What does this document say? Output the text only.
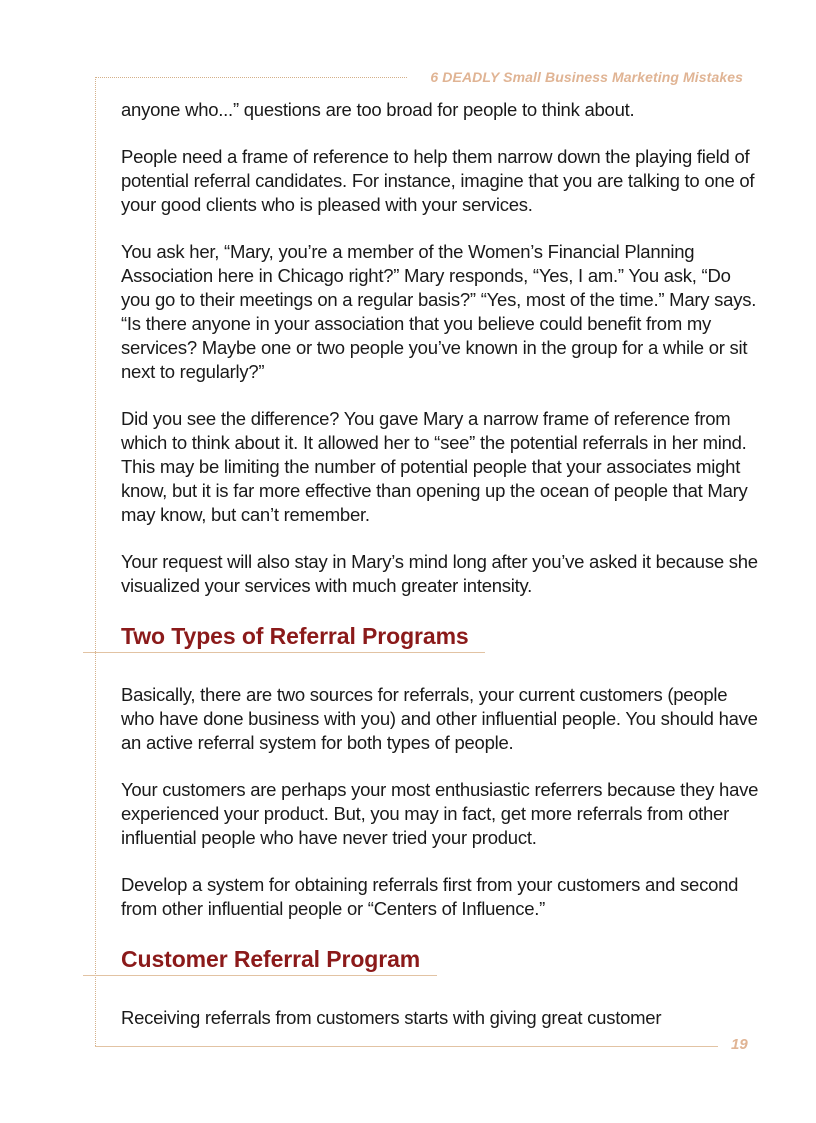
6 DEADLY Small Business Marketing Mistakes

anyone who...” questions are too broad for people to think about.

People need a frame of reference to help them narrow down the playing field of potential referral candidates. For instance, imagine that you are talking to one of your good clients who is pleased with your services.

You ask her, “Mary, you’re a member of the Women’s Financial Planning Association here in Chicago right?” Mary responds, “Yes, I am.” You ask, “Do you go to their meetings on a regular basis?” “Yes, most of the time.” Mary says. “Is there anyone in your association that you believe could benefit from my services? Maybe one or two people you’ve known in the group for a while or sit next to regularly?”

Did you see the difference? You gave Mary a narrow frame of reference from which to think about it. It allowed her to “see” the potential referrals in her mind. This may be limiting the number of potential people that your associates might know, but it is far more effective than opening up the ocean of people that Mary may know, but can’t remember.

Your request will also stay in Mary’s mind long after you’ve asked it because she visualized your services with much greater intensity.

Two Types of Referral Programs

Basically, there are two sources for referrals, your current customers (people who have done business with you) and other influential people. You should have an active referral system for both types of people.

Your customers are perhaps your most enthusiastic referrers because they have experienced your product. But, you may in fact, get more referrals from other influential people who have never tried your product.

Develop a system for obtaining referrals first from your customers and second from other influential people or “Centers of Influence.”

Customer Referral Program

Receiving referrals from customers starts with giving great customer

19
